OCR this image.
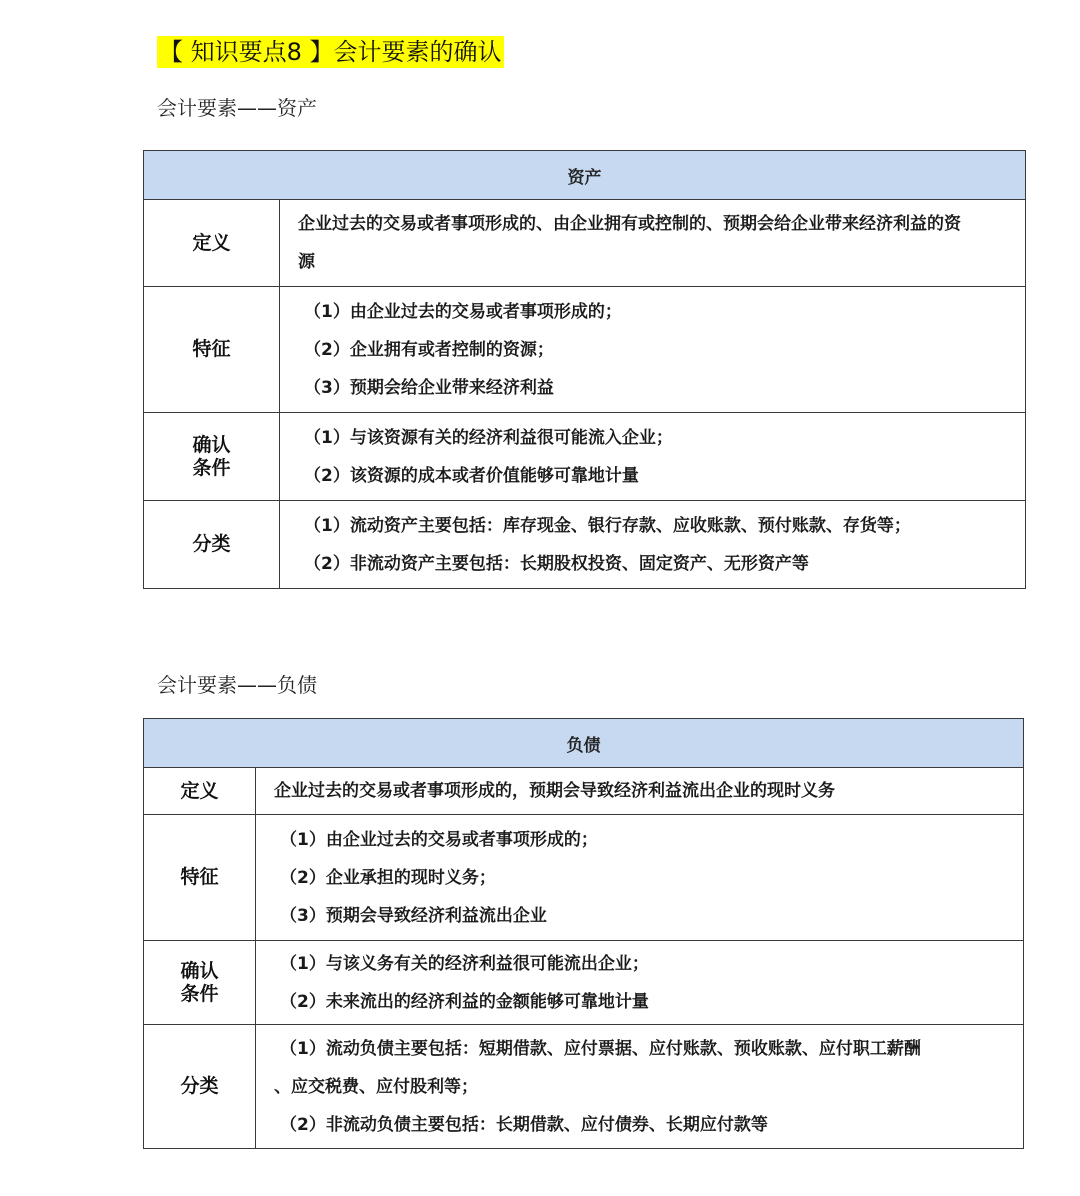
【 知识要点8 】会计要素的确认
会计要素——资产
资产	
定义	企业过去的交易或者事项形成的、由企业拥有或控制的、预期会给企业带来经济利益的资源

特征	（1）由企业过去的交易或者事项形成的；
（2）企业拥有或者控制的资源；
（3）预期会给企业带来经济利益

确认
条件	（1）与该资源有关的经济利益很可能流入企业；
（2）该资源的成本或者价值能够可靠地计量

分类	（1）流动资产主要包括：库存现金、银行存款、应收账款、预付账款、存货等；
（2）非流动资产主要包括：长期股权投资、固定资产、无形资产等
会计要素——负债
负债	
定义	企业过去的交易或者事项形成的，预期会导致经济利益流出企业的现时义务

特征	（1）由企业过去的交易或者事项形成的；
（2）企业承担的现时义务；
（3）预期会导致经济利益流出企业

确认
条件	（1）与该义务有关的经济利益很可能流出企业；
（2）未来流出的经济利益的金额能够可靠地计量

分类	（1）流动负债主要包括：短期借款、应付票据、应付账款、预收账款、应付职工薪酬
、应交税费、应付股利等；
（2）非流动负债主要包括：长期借款、应付债券、长期应付款等
